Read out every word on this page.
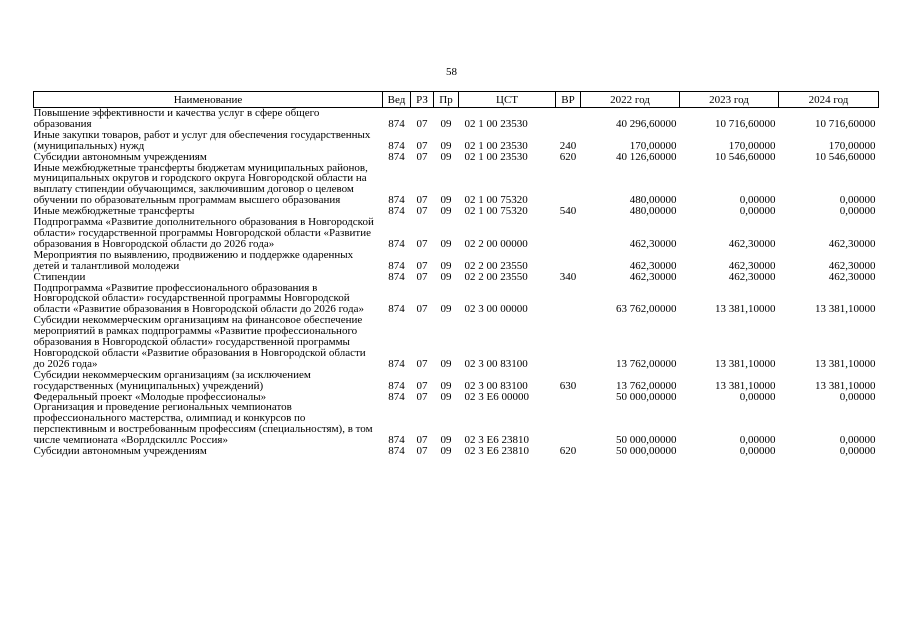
58
Наименование	Вед	РЗ	Пр	ЦСТ	ВР	2022 год	2023 год	2024 год
Повышение эффективности и качества услуг в сфере общего образования	874	07	09	02 1 00 23530		40 296,60000	10 716,60000	10 716,60000
Иные закупки товаров, работ и услуг для обеспечения государственных (муниципальных) нужд	874	07	09	02 1 00 23530	240	170,00000	170,00000	170,00000
Субсидии автономным учреждениям	874	07	09	02 1 00 23530	620	40 126,60000	10 546,60000	10 546,60000
Иные межбюджетные трансферты бюджетам муниципальных районов, муниципальных округов и городского округа Новгородской области на выплату стипендии обучающимся, заключившим договор о целевом обучении по образовательным программам высшего образования	874	07	09	02 1 00 75320		480,00000	0,00000	0,00000
Иные межбюджетные трансферты	874	07	09	02 1 00 75320	540	480,00000	0,00000	0,00000
Подпрограмма «Развитие дополнительного образования в Новгородской области» государственной программы Новгородской области «Развитие образования в Новгородской области до 2026 года»	874	07	09	02 2 00 00000		462,30000	462,30000	462,30000
Мероприятия по выявлению, продвижению и поддержке одаренных детей и талантливой молодежи	874	07	09	02 2 00 23550		462,30000	462,30000	462,30000
Стипендии	874	07	09	02 2 00 23550	340	462,30000	462,30000	462,30000
Подпрограмма «Развитие профессионального образования в Новгородской области» государственной программы Новгородской области «Развитие образования в Новгородской области до 2026 года»	874	07	09	02 3 00 00000		63 762,00000	13 381,10000	13 381,10000
Субсидии некоммерческим организациям на финансовое обеспечение мероприятий в рамках подпрограммы «Развитие профессионального образования в Новгородской области» государственной программы Новгородской области «Развитие образования в Новгородской области до 2026 года»	874	07	09	02 3 00 83100		13 762,00000	13 381,10000	13 381,10000
Субсидии некоммерческим организациям (за исключением государственных (муниципальных) учреждений)	874	07	09	02 3 00 83100	630	13 762,00000	13 381,10000	13 381,10000
Федеральный проект «Молодые профессионалы»	874	07	09	02 3 E6 00000		50 000,00000	0,00000	0,00000
Организация и проведение региональных чемпионатов профессионального мастерства, олимпиад и конкурсов по перспективным и востребованным профессиям (специальностям), в том числе чемпионата «Ворлдскиллс Россия»	874	07	09	02 3 E6 23810		50 000,00000	0,00000	0,00000
Субсидии автономным учреждениям	874	07	09	02 3 E6 23810	620	50 000,00000	0,00000	0,00000
